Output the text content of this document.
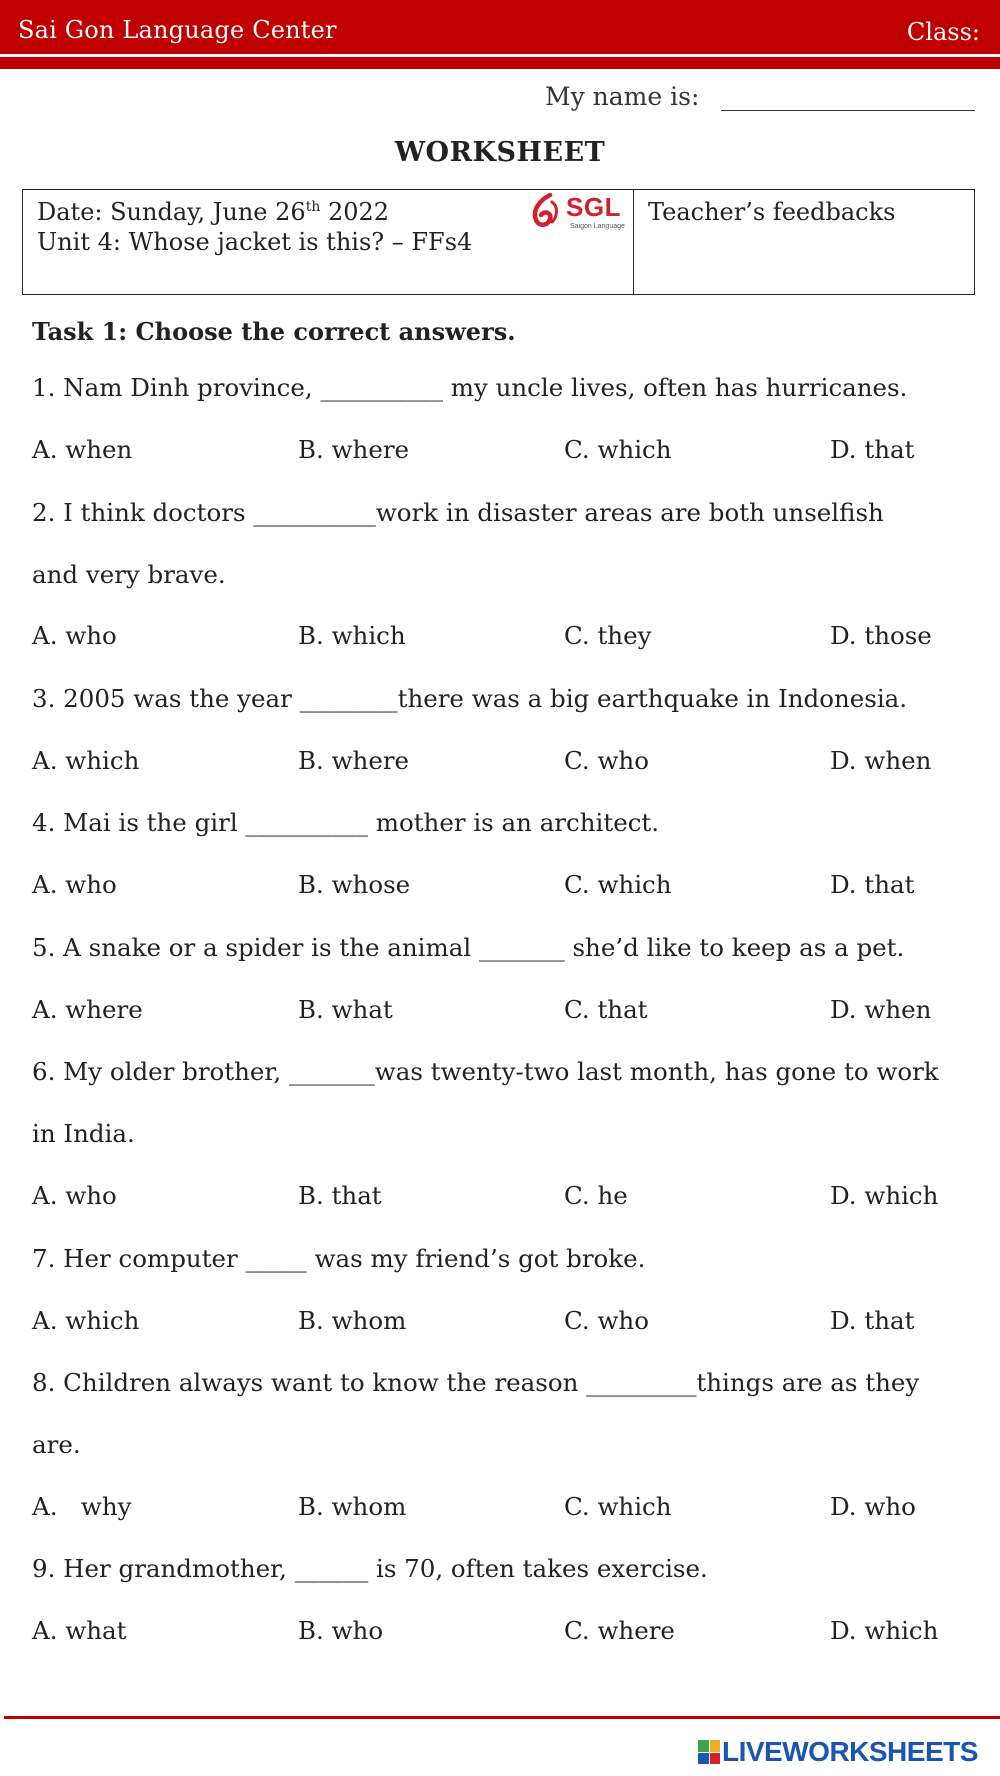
Sai Gon Language Center	Class:
My name is:
WORKSHEET
Date: Sunday, June 26th 2022
Unit 4: Whose jacket is this? – FFs4
SGL
Saigon Language
Teacher’s feedbacks
Task 1: Choose the correct answers.
1. Nam Dinh province, __________ my uncle lives, often has hurricanes.
A. when	B. where	C. which	D. that
2. I think doctors __________work in disaster areas are both unselfish
and very brave.
A. who	B. which	C. they	D. those
3. 2005 was the year ________there was a big earthquake in Indonesia.
A. which	B. where	C. who	D. when
4. Mai is the girl __________ mother is an architect.
A. who	B. whose	C. which	D. that
5. A snake or a spider is the animal _______ she’d like to keep as a pet.
A. where	B. what	C. that	D. when
6. My older brother, _______was twenty-two last month, has gone to work
in India.
A. who	B. that	C. he	D. which
7. Her computer _____ was my friend’s got broke.
A. which	B. whom	C. who	D. that
8. Children always want to know the reason _________things are as they
are.
A.   why	B. whom	C. which	D. who
9. Her grandmother, ______ is 70, often takes exercise.
A. what	B. who	C. where	D. which
LIVEWORKSHEETS
